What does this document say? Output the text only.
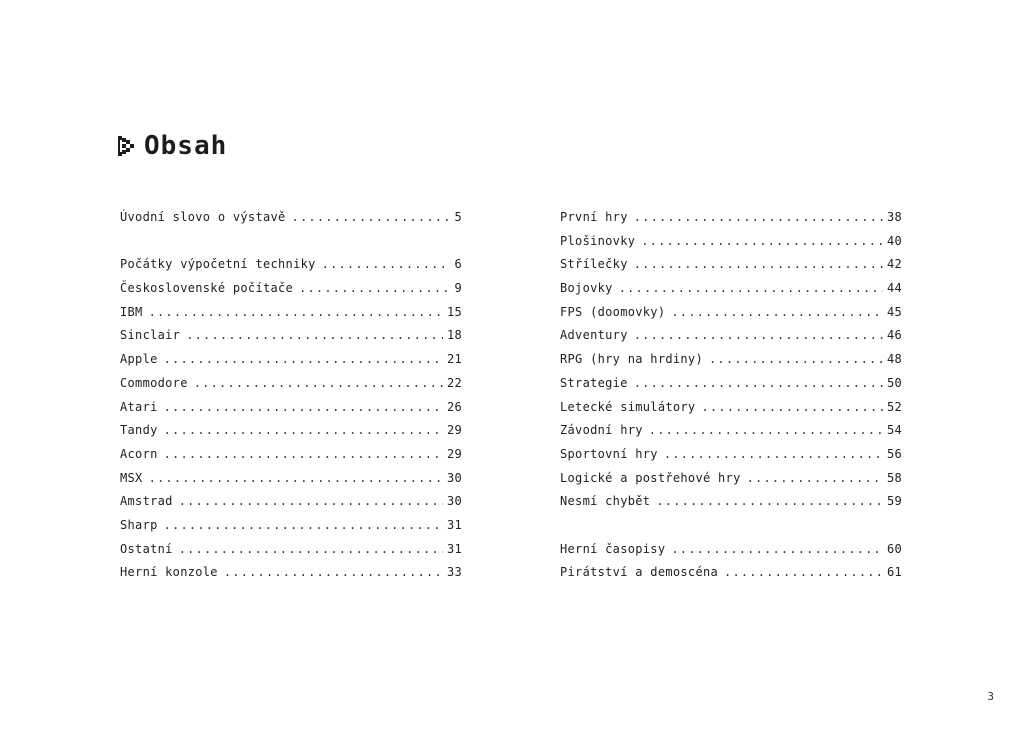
Obsah
Úvodní slovo o výstavě .....	5
Počátky výpočetní techniky .....	6
Československé počítače .....	9
IBM .....	15
Sinclair .....	18
Apple .....	21
Commodore .....	22
Atari .....	26
Tandy .....	29
Acorn .....	29
MSX .....	30
Amstrad .....	30
Sharp .....	31
Ostatní .....	31
Herní konzole .....	33
První hry .....	38
Plošinovky .....	40
Střílečky .....	42
Bojovky .....	44
FPS (doomovky) .....	45
Adventury .....	46
RPG (hry na hrdiny) .....	48
Strategie .....	50
Letecké simulátory .....	52
Závodní hry .....	54
Sportovní hry .....	56
Logické a postřehové hry .....	58
Nesmí chybět .....	59
Herní časopisy .....	60
Pirátství a demoscéna .....	61
3
